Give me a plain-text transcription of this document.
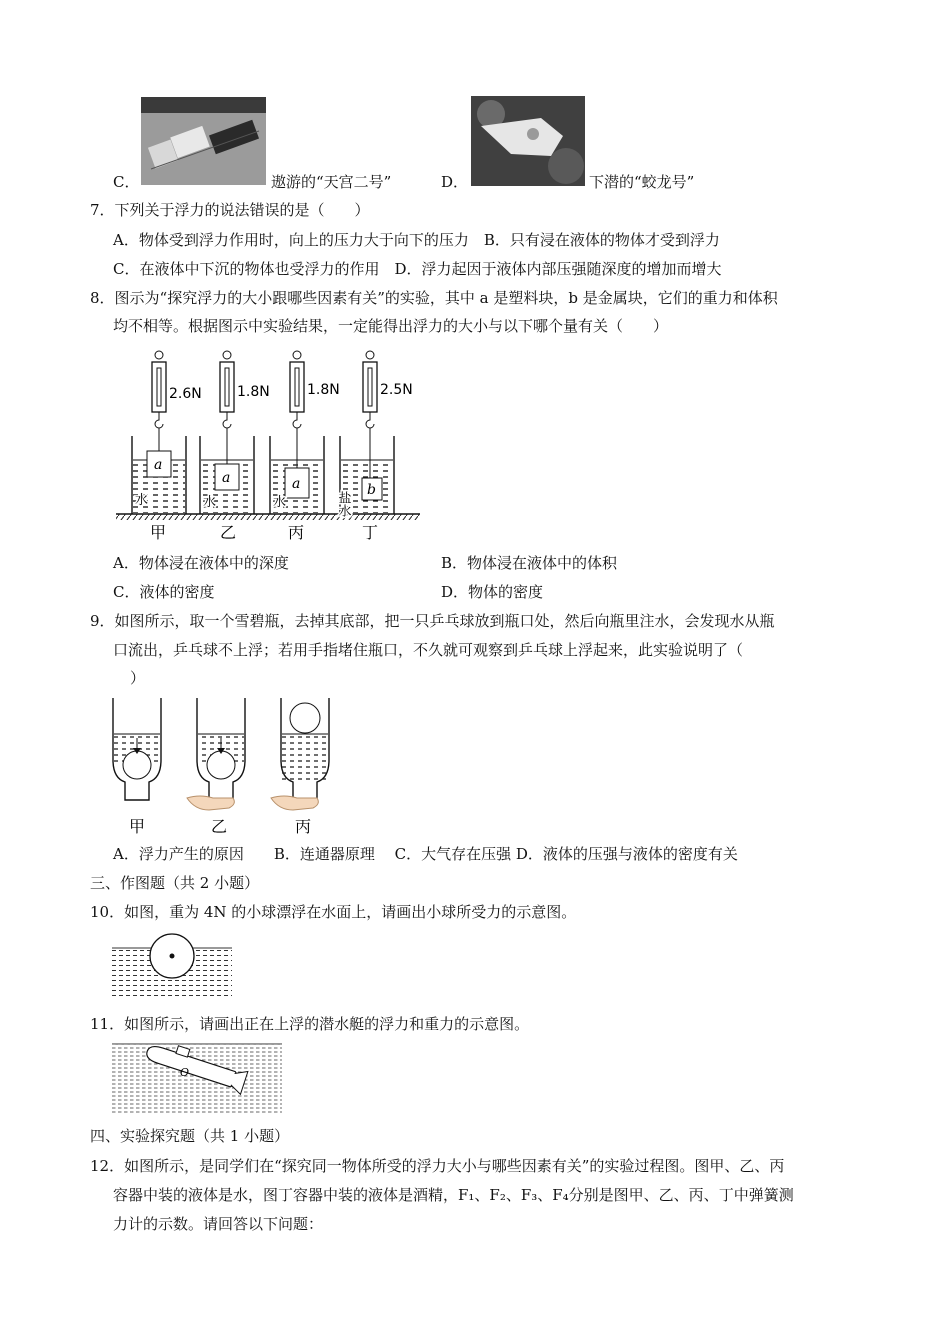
C．	遨游的“天宫二号”	D．	下潜的“蛟龙号”
7．下列关于浮力的说法错误的是（　　）
A．物体受到浮力作用时，向上的压力大于向下的压力　B．只有浸在液体的物体才受到浮力
C．在液体中下沉的物体也受浮力的作用　D．浮力起因于液体内部压强随深度的增加而增大
8．图示为“探究浮力的大小跟哪些因素有关”的实验，其中 a 是塑料块，b 是金属块，它们的重力和体积
均不相等。根据图示中实验结果，一定能得出浮力的大小与以下哪个量有关（　　）
2.6N	1.8N	1.8N	2.5N
a
a	a	b
水	水	水	盐水
甲	乙	丙	丁
A．物体浸在液体中的深度	B．物体浸在液体中的体积
C．液体的密度	D．物体的密度
9．如图所示，取一个雪碧瓶，去掉其底部，把一只乒乓球放到瓶口处，然后向瓶里注水，会发现水从瓶
口流出，乒乓球不上浮；若用手指堵住瓶口，不久就可观察到乒乓球上浮起来，此实验说明了（
）
甲	乙	丙
A．浮力产生的原因　　B．连通器原理　 C．大气存在压强 D．液体的压强与液体的密度有关
三、作图题（共 2 小题）
10．如图，重为 4N 的小球漂浮在水面上，请画出小球所受力的示意图。
11．如图所示，请画出正在上浮的潜水艇的浮力和重力的示意图。
O
四、实验探究题（共 1 小题）
12．如图所示，是同学们在“探究同一物体所受的浮力大小与哪些因素有关”的实验过程图。图甲、乙、丙
容器中装的液体是水，图丁容器中装的液体是酒精，F₁、F₂、F₃、F₄分别是图甲、乙、丙、丁中弹簧测
力计的示数。请回答以下问题：
